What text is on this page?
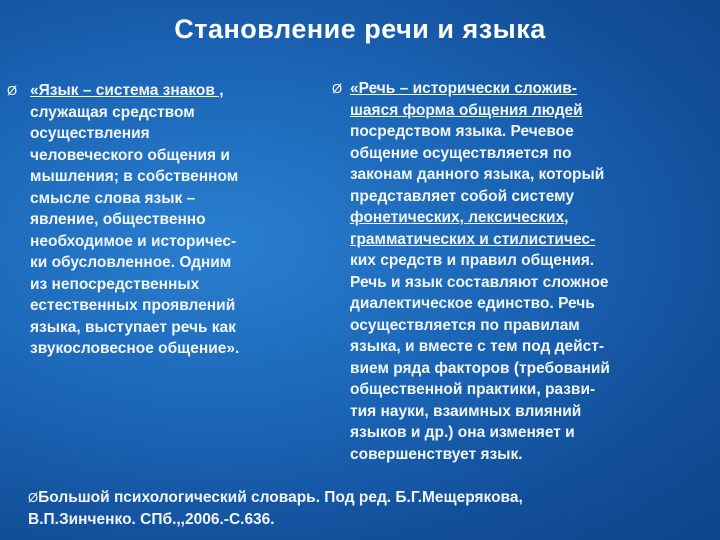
Становление речи и языка
Ø «Язык – система знаков ,
служащая средством
осуществления
человеческого общения и
мышления; в собственном
смысле слова язык –
явление, общественно
необходимое и историчес-
ки обусловленное. Одним
из непосредственных
естественных проявлений
языка, выступает речь как
звукословесное общение».
Ø «Речь – исторически сложив-
шаяся форма общения людей
посредством языка. Речевое
общение осуществляется по
законам данного языка, который
представляет собой систему
фонетических, лексических,
грамматических и стилистичес-
ких средств и правил общения.
Речь и язык составляют сложное
диалектическое единство. Речь
осуществляется по правилам
языка, и вместе с тем под дейст-
вием ряда факторов (требований
общественной практики, разви-
тия науки, взаимных влияний
языков и др.) она изменяет и
совершенствует язык.
ØБольшой психологический словарь. Под ред. Б.Г.Мещерякова,
В.П.Зинченко. СПб.,,2006.-С.636.
